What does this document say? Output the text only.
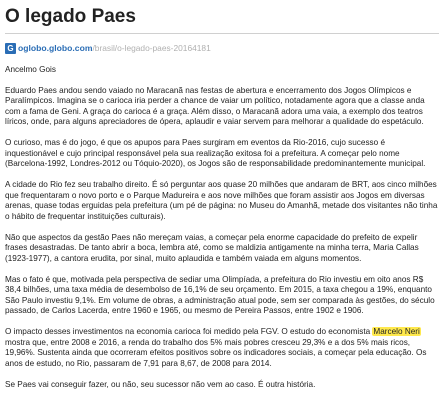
O legado Paes
G oglobo.globo.com /brasil/o-legado-paes-20164181

Ancelmo Gois

Eduardo Paes andou sendo vaiado no Maracanã nas festas de abertura e encerramento dos Jogos Olímpicos e Paralímpicos. Imagina se o carioca iria perder a chance de vaiar um político, notadamente agora que a classe anda com a fama de Geni. A graça do carioca é a graça. Além disso, o Maracanã adora uma vaia, a exemplo dos teatros líricos, onde, para alguns apreciadores de ópera, aplaudir e vaiar servem para melhorar a qualidade do espetáculo.

O curioso, mas é do jogo, é que os apupos para Paes surgiram em eventos da Rio-2016, cujo sucesso é inquestionável e cujo principal responsável pela sua realização exitosa foi a prefeitura. A começar pelo nome (Barcelona-1992, Londres-2012 ou Tóquio-2020), os Jogos são de responsabilidade predominantemente municipal.

A cidade do Rio fez seu trabalho direito. É só perguntar aos quase 20 milhões que andaram de BRT, aos cinco milhões que frequentaram o novo porto e o Parque Madureira e aos nove milhões que foram assistir aos Jogos em diversas arenas, quase todas erguidas pela prefeitura (um pé de página: no Museu do Amanhã, metade dos visitantes não tinha o hábito de frequentar instituições culturais).

Não que aspectos da gestão Paes não mereçam vaias, a começar pela enorme capacidade do prefeito de expelir frases desastradas. De tanto abrir a boca, lembra até, como se maldizia antigamente na minha terra, Maria Callas (1923-1977), a cantora erudita, por sinal, muito aplaudida e também vaiada em alguns momentos.

Mas o fato é que, motivada pela perspectiva de sediar uma Olimpíada, a prefeitura do Rio investiu em oito anos R$ 38,4 bilhões, uma taxa média de desembolso de 16,1% de seu orçamento. Em 2015, a taxa chegou a 19%, enquanto São Paulo investiu 9,1%. Em volume de obras, a administração atual pode, sem ser comparada às gestões, do século passado, de Carlos Lacerda, entre 1960 e 1965, ou mesmo de Pereira Passos, entre 1902 e 1906.

O impacto desses investimentos na economia carioca foi medido pela FGV. O estudo do economista Marcelo Neri mostra que, entre 2008 e 2016, a renda do trabalho dos 5% mais pobres cresceu 29,3% e a dos 5% mais ricos, 19,96%. Sustenta ainda que ocorreram efeitos positivos sobre os indicadores sociais, a começar pela educação. Os anos de estudo, no Rio, passaram de 7,91 para 8,67, de 2008 para 2014.

Se Paes vai conseguir fazer, ou não, seu sucessor não vem ao caso. É outra história.
